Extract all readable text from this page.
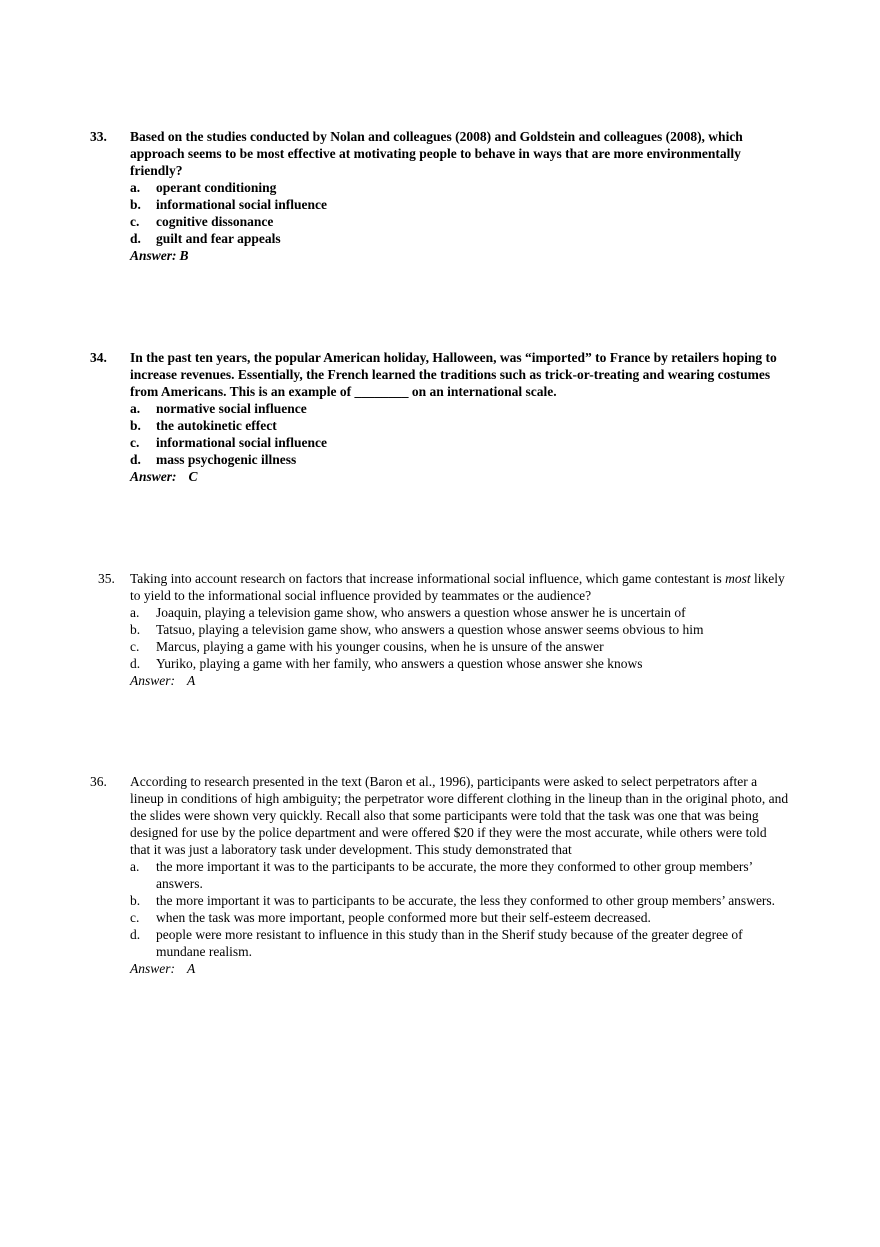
33. Based on the studies conducted by Nolan and colleagues (2008) and Goldstein and colleagues (2008), which approach seems to be most effective at motivating people to behave in ways that are more environmentally friendly?
a. operant conditioning
b. informational social influence
c. cognitive dissonance
d. guilt and fear appeals
Answer: B
34. In the past ten years, the popular American holiday, Halloween, was “imported” to France by retailers hoping to increase revenues. Essentially, the French learned the traditions such as trick-or-treating and wearing costumes from Americans. This is an example of ________ on an international scale.
a. normative social influence
b. the autokinetic effect
c. informational social influence
d. mass psychogenic illness
Answer: C
35. Taking into account research on factors that increase informational social influence, which game contestant is most likely to yield to the informational social influence provided by teammates or the audience?
a. Joaquin, playing a television game show, who answers a question whose answer he is uncertain of
b. Tatsuo, playing a television game show, who answers a question whose answer seems obvious to him
c. Marcus, playing a game with his younger cousins, when he is unsure of the answer
d. Yuriko, playing a game with her family, who answers a question whose answer she knows
Answer: A
36. According to research presented in the text (Baron et al., 1996), participants were asked to select perpetrators after a lineup in conditions of high ambiguity; the perpetrator wore different clothing in the lineup than in the original photo, and the slides were shown very quickly. Recall also that some participants were told that the task was one that was being designed for use by the police department and were offered $20 if they were the most accurate, while others were told that it was just a laboratory task under development. This study demonstrated that
a. the more important it was to the participants to be accurate, the more they conformed to other group members’ answers.
b. the more important it was to participants to be accurate, the less they conformed to other group members’ answers.
c. when the task was more important, people conformed more but their self-esteem decreased.
d. people were more resistant to influence in this study than in the Sherif study because of the greater degree of mundane realism.
Answer: A
